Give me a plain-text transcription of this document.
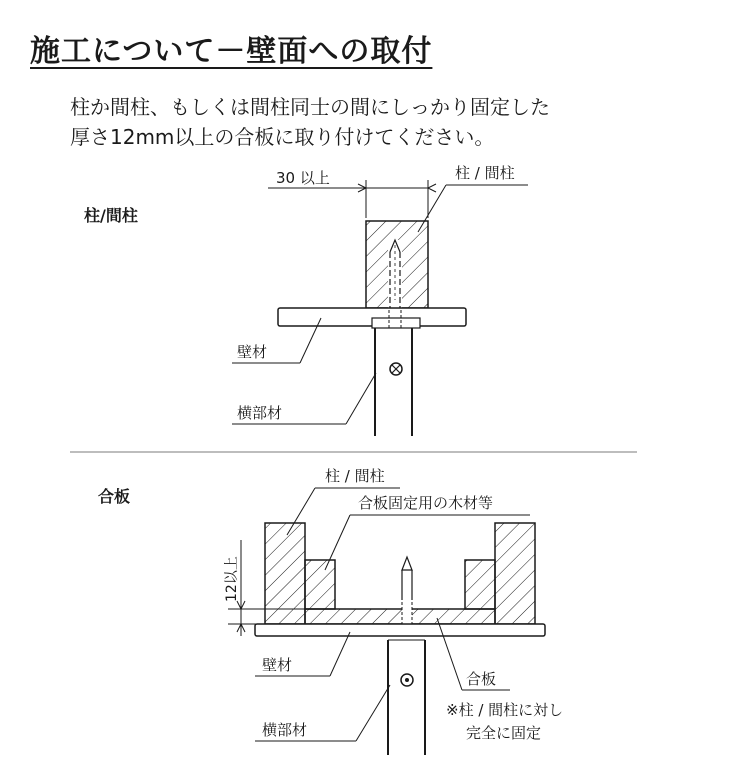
施工について－壁面への取付
柱か間柱、もしくは間柱同士の間にしっかり固定した
厚さ12mm以上の合板に取り付けてください。
柱/間柱
合板
30 以上	柱 / 間柱
壁材
横部材
12以上
柱 / 間柱
合板固定用の木材等
壁材
合板
※柱 / 間柱に対し
完全に固定
横部材
